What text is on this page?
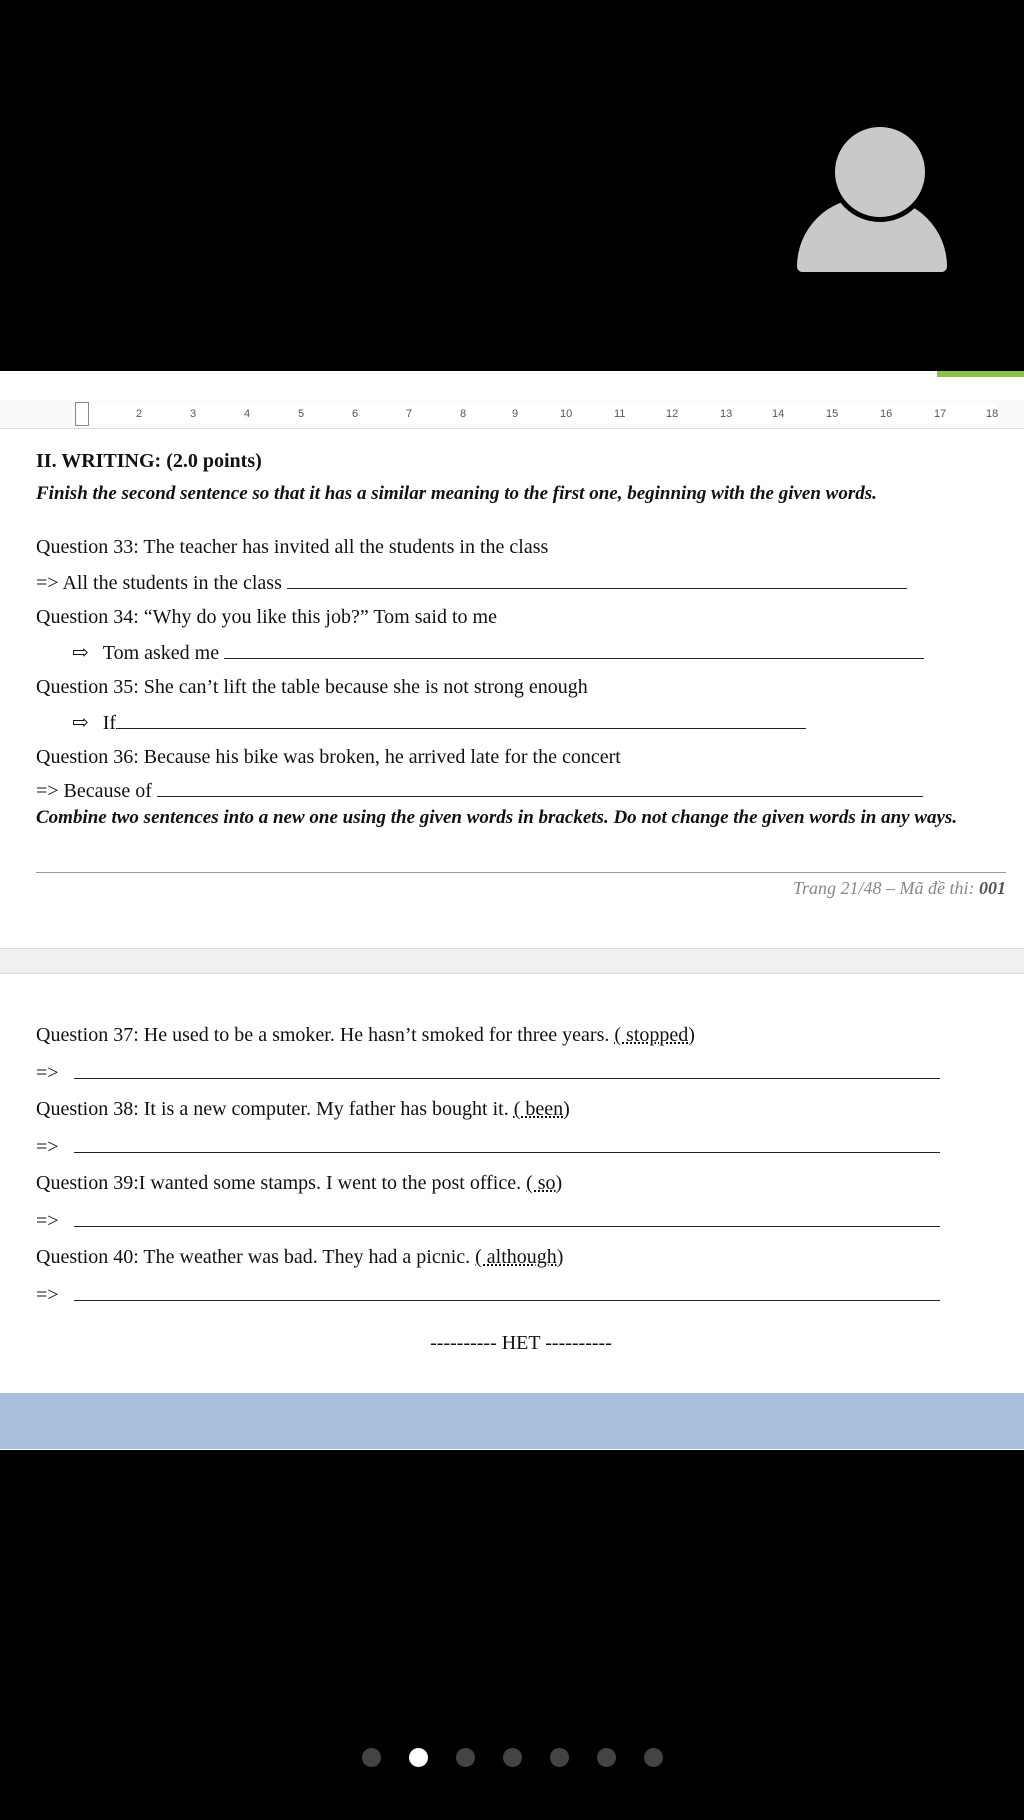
2	3	4	5	6	7	8	9	10	11	12	13	14	15	16	17	18
II. WRITING: (2.0 points)
Finish the second sentence so that it has a similar meaning to the first one, beginning with the given words.
Question 33: The teacher has invited all the students in the class
=> All the students in the class
Question 34: “Why do you like this job?” Tom said to me
⇨ Tom asked me
Question 35: She can’t lift the table because she is not strong enough
⇨ If
Question 36: Because his bike was broken, he arrived late for the concert
=> Because of
Combine two sentences into a new one using the given words in brackets. Do not change the given words in any ways.
Trang 21/48 – Mã đề thi: 001
Question 37: He used to be a smoker. He hasn’t smoked for three years. ( stopped)
=>
Question 38: It is a new computer. My father has bought it. ( been)
=>
Question 39:I wanted some stamps. I went to the post office. ( so)
=>
Question 40: The weather was bad. They had a picnic. ( although)
=>
---------- HET ----------
